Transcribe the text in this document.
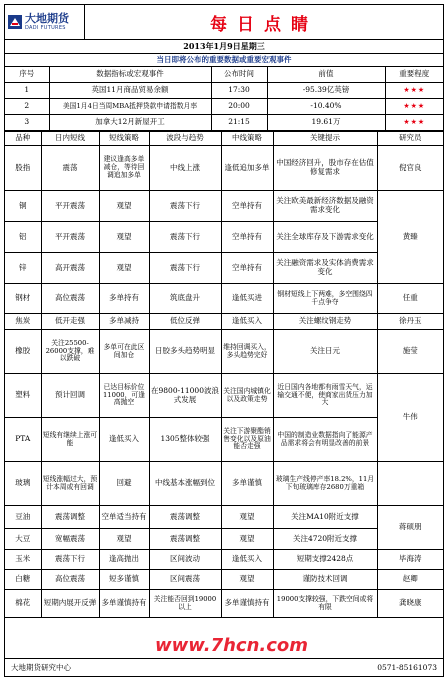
大地期货
DADI FUTURES	每日点睛
2013年1月9日星期三
当日即将公布的重要数据或重要宏观事件
序号	数据指标或宏观事件	公布时间	前值	重要程度
1	英国11月商品贸易余额	17:30	-95.39亿英镑	★★★
2	美国1月4日当周MBA抵押贷款申请指数月率	20:00	-10.40%	★★★
3	加拿大12月新屋开工	21:15	19.61万	★★★
品种	日内短线	短线策略	波段与趋势	中线策略	关键提示	研究员
股指	震荡	建议逢高多单减仓，等待回调追加多单	中线上涨	逢低追加多单	中国经济回升，股市存在估值修复需求	倪官良
铜	平开震荡	观望	震荡下行	空单持有	关注欧美最新经济数据及融资需求变化	黄臻
铝	平开震荡	观望	震荡下行	空单持有	关注全球库存及下游需求变化	
锌	高开震荡	观望	震荡下行	空单持有	关注融资需求及实体消费需求变化	
钢材	高位震荡	多单持有	筑底盘升	逢低买进	钢材短线上下两难，多空围绕四千点争夺	任重
焦炭	低开走强	多单减持	低位反弹	逢低买入	关注螺纹钢走势	徐丹玉
橡胶	关注25500-26000支撑，难以跌破	多单可在此区间加仓	日胶多头趋势明显	维持回调买入，多头趋势完好	关注日元	施莹
塑料	预计回调	已达目标价位11000，可逢高抛空	在9800-11000波浪式发展	关注国内城镇化以及政策走势	近日国内各地都有雨雪天气，运输交通不便，使商家出货压力加大	牛伟
PTA	短线有继续上涨可能	逢低买入	1305整体较强	关注下游聚酯销售变化以及原油能否走强	中国的制造业数据指向了能源产品需求将会有明显改善的前景	
玻璃	短线涨幅过大，预计本周或有回调	回避	中线基本涨幅到位	多单谨慎	玻璃生产线停产率18.2%，11月下旬玻璃库存2680万重箱	
豆油	震荡调整	空单适当持有	震荡调整	观望	关注MA10附近支撑	蒋硕朋
大豆	宽幅震荡	观望	震荡调整	观望	关注4720附近支撑	
玉米	震荡下行	逢高抛出	区间波动	逢低买入	短期支撑2428点	毕海涛
白糖	高位震荡	短多谨慎	区间震荡	观望	谨防技术回调	赵卿
棉花	短期内展开反弹	多单谨慎持有	关注能否回到19000以上	多单谨慎持有	19000支撑较强，下跌空间或将有限	龚晓康
www.7hcn.com
大地期货研究中心	0571-85161073
